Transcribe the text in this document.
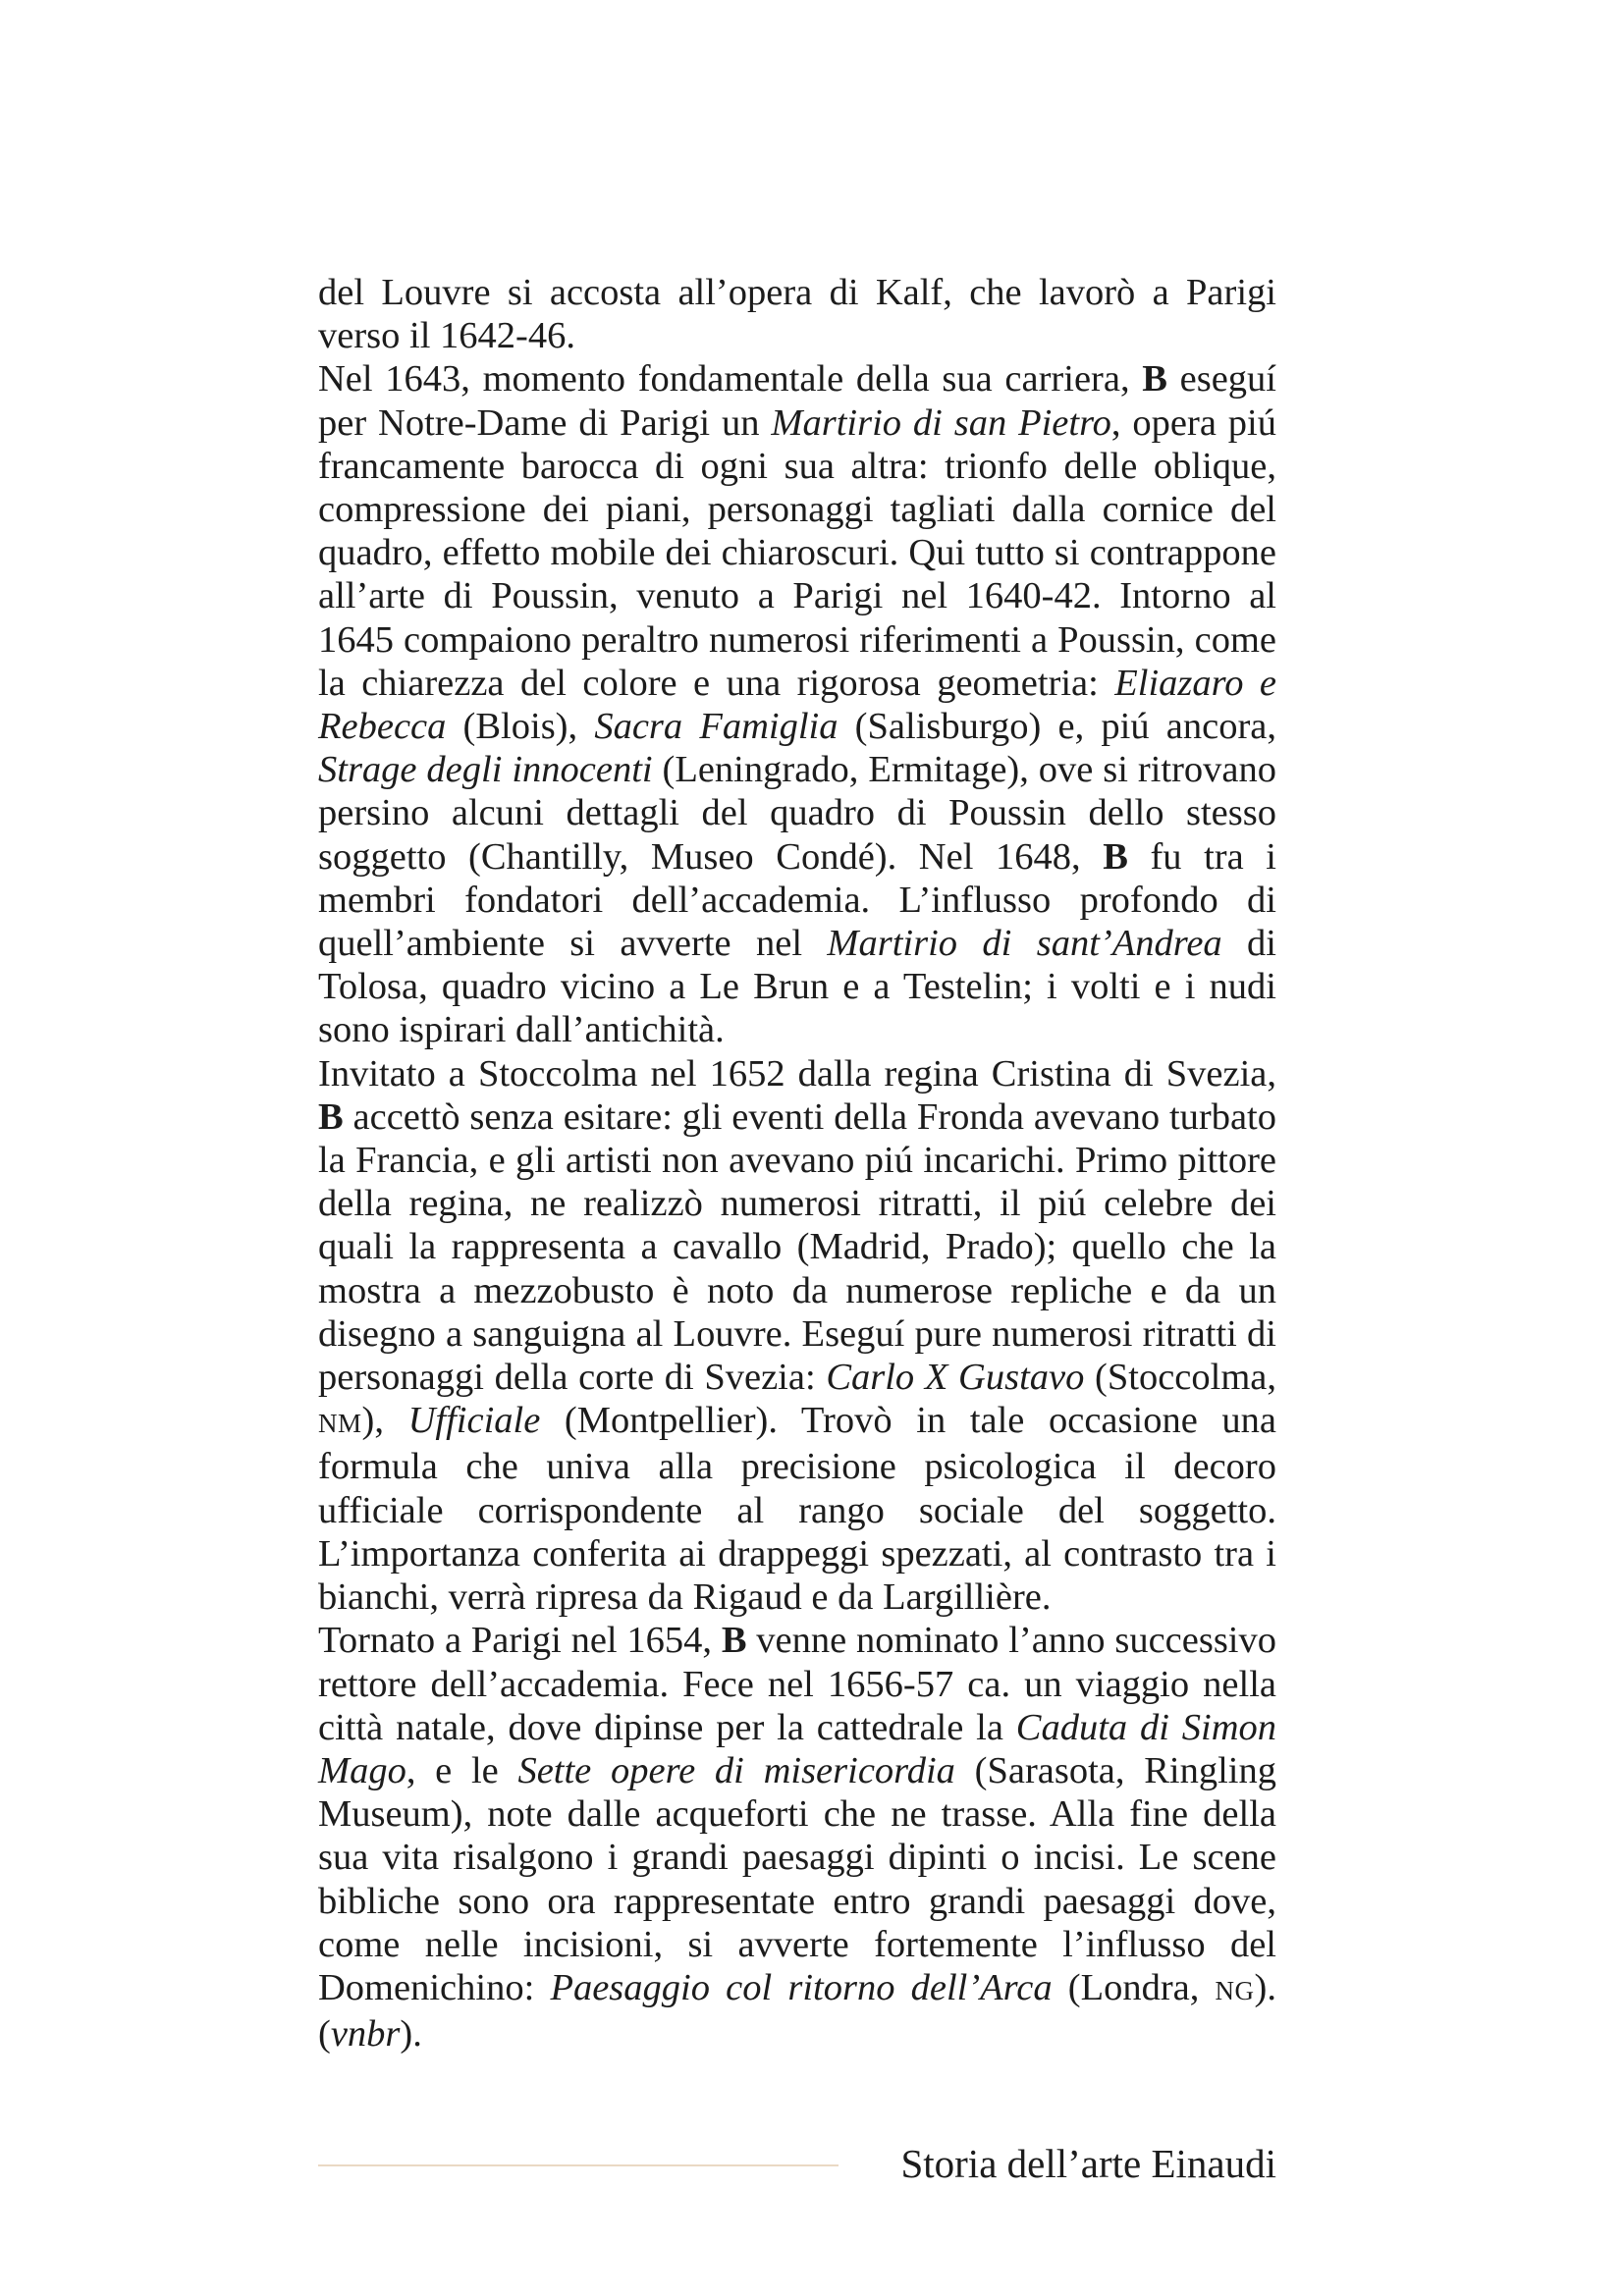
del Louvre si accosta all’opera di Kalf, che lavorò a Parigi verso il 1642-46.

Nel 1643, momento fondamentale della sua carriera, B eseguí per Notre-Dame di Parigi un Martirio di san Pietro, opera piú francamente barocca di ogni sua altra: trionfo delle oblique, compressione dei piani, personaggi tagliati dalla cornice del quadro, effetto mobile dei chiaroscuri. Qui tutto si contrappone all’arte di Poussin, venuto a Parigi nel 1640-42. Intorno al 1645 compaiono peraltro numerosi riferimenti a Poussin, come la chiarezza del colore e una rigorosa geometria: Eliazaro e Rebecca (Blois), Sacra Famiglia (Salisburgo) e, piú ancora, Strage degli innocenti (Leningrado, Ermitage), ove si ritrovano persino alcuni dettagli del quadro di Poussin dello stesso soggetto (Chantilly, Museo Condé). Nel 1648, B fu tra i membri fondatori dell’accademia. L’influsso profondo di quell’ambiente si avverte nel Martirio di sant’Andrea di Tolosa, quadro vicino a Le Brun e a Testelin; i volti e i nudi sono ispirari dall’antichità.

Invitato a Stoccolma nel 1652 dalla regina Cristina di Svezia, B accettò senza esitare: gli eventi della Fronda avevano turbato la Francia, e gli artisti non avevano piú incarichi. Primo pittore della regina, ne realizzò numerosi ritratti, il piú celebre dei quali la rappresenta a cavallo (Madrid, Prado); quello che la mostra a mezzobusto è noto da numerose repliche e da un disegno a sanguigna al Louvre. Eseguí pure numerosi ritratti di personaggi della corte di Svezia: Carlo X Gustavo (Stoccolma, NM), Ufficiale (Montpellier). Trovò in tale occasione una formula che univa alla precisione psicologica il decoro ufficiale corrispondente al rango sociale del soggetto. L’importanza conferita ai drappeggi spezzati, al contrasto tra i bianchi, verrà ripresa da Rigaud e da Largillière.

Tornato a Parigi nel 1654, B venne nominato l’anno successivo rettore dell’accademia. Fece nel 1656-57 ca. un viaggio nella città natale, dove dipinse per la cattedrale la Caduta di Simon Mago, e le Sette opere di misericordia (Sarasota, Ringling Museum), note dalle acqueforti che ne trasse. Alla fine della sua vita risalgono i grandi paesaggi dipinti o incisi. Le scene bibliche sono ora rappresentate entro grandi paesaggi dove, come nelle incisioni, si avverte fortemente l’influsso del Domenichino: Paesaggio col ritorno dell’Arca (Londra, NG). (vnbr).

Storia dell’arte Einaudi
